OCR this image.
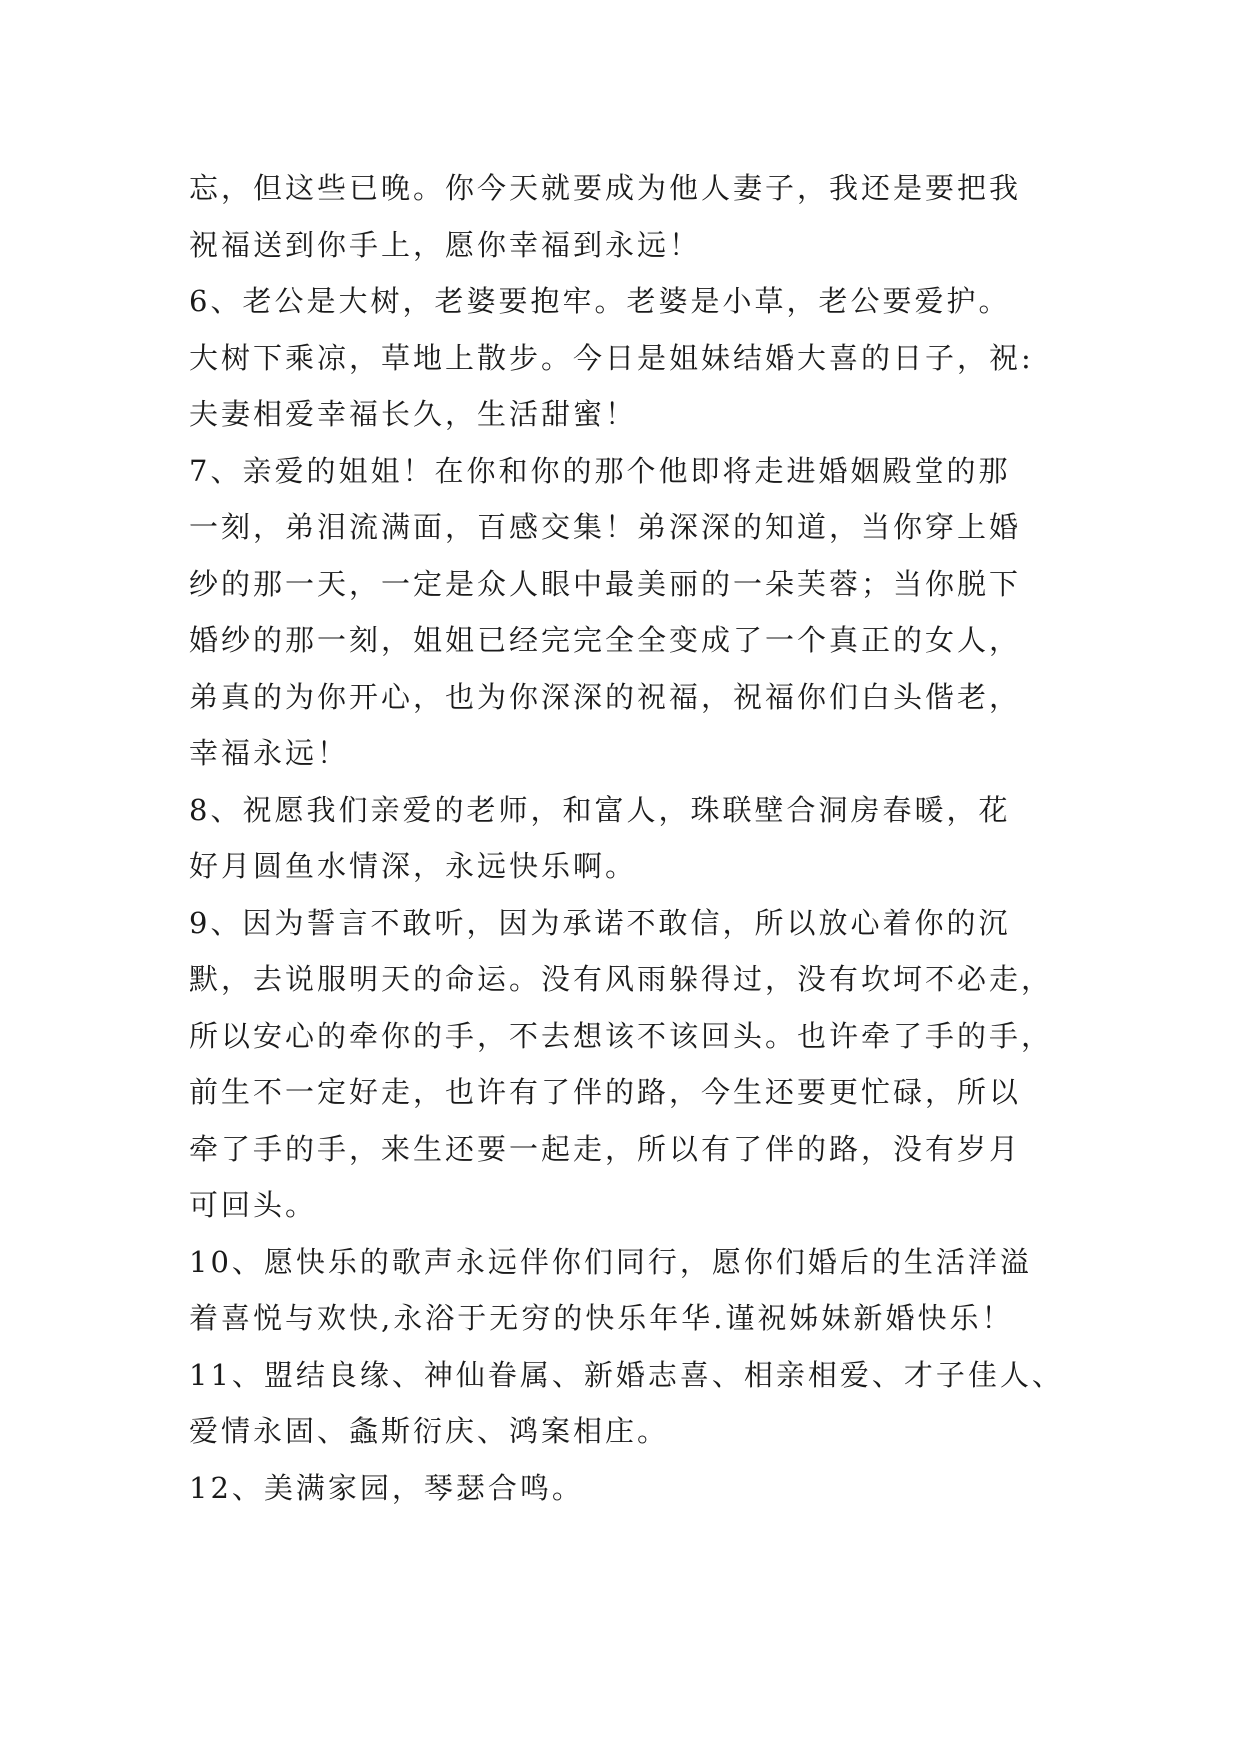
忘，但这些已晚。你今天就要成为他人妻子，我还是要把我
祝福送到你手上，愿你幸福到永远！
6、老公是大树，老婆要抱牢。老婆是小草，老公要爱护。
大树下乘凉，草地上散步。今日是姐妹结婚大喜的日子，祝:
夫妻相爱幸福长久，生活甜蜜！
7、亲爱的姐姐！在你和你的那个他即将走进婚姻殿堂的那
一刻，弟泪流满面，百感交集！弟深深的知道，当你穿上婚
纱的那一天，一定是众人眼中最美丽的一朵芙蓉；当你脱下
婚纱的那一刻，姐姐已经完完全全变成了一个真正的女人，
弟真的为你开心，也为你深深的祝福，祝福你们白头偕老，
幸福永远！
8、祝愿我们亲爱的老师，和富人，珠联壁合洞房春暖，花
好月圆鱼水情深，永远快乐啊。
9、因为誓言不敢听，因为承诺不敢信，所以放心着你的沉
默，去说服明天的命运。没有风雨躲得过，没有坎坷不必走，
所以安心的牵你的手，不去想该不该回头。也许牵了手的手，
前生不一定好走，也许有了伴的路，今生还要更忙碌，所以
牵了手的手，来生还要一起走，所以有了伴的路，没有岁月
可回头。
10、愿快乐的歌声永远伴你们同行，愿你们婚后的生活洋溢
着喜悦与欢快,永浴于无穷的快乐年华.谨祝姊妹新婚快乐！
11、盟结良缘、神仙眷属、新婚志喜、相亲相爱、才子佳人、
爱情永固、螽斯衍庆、鸿案相庄。
12、美满家园，琴瑟合鸣。
